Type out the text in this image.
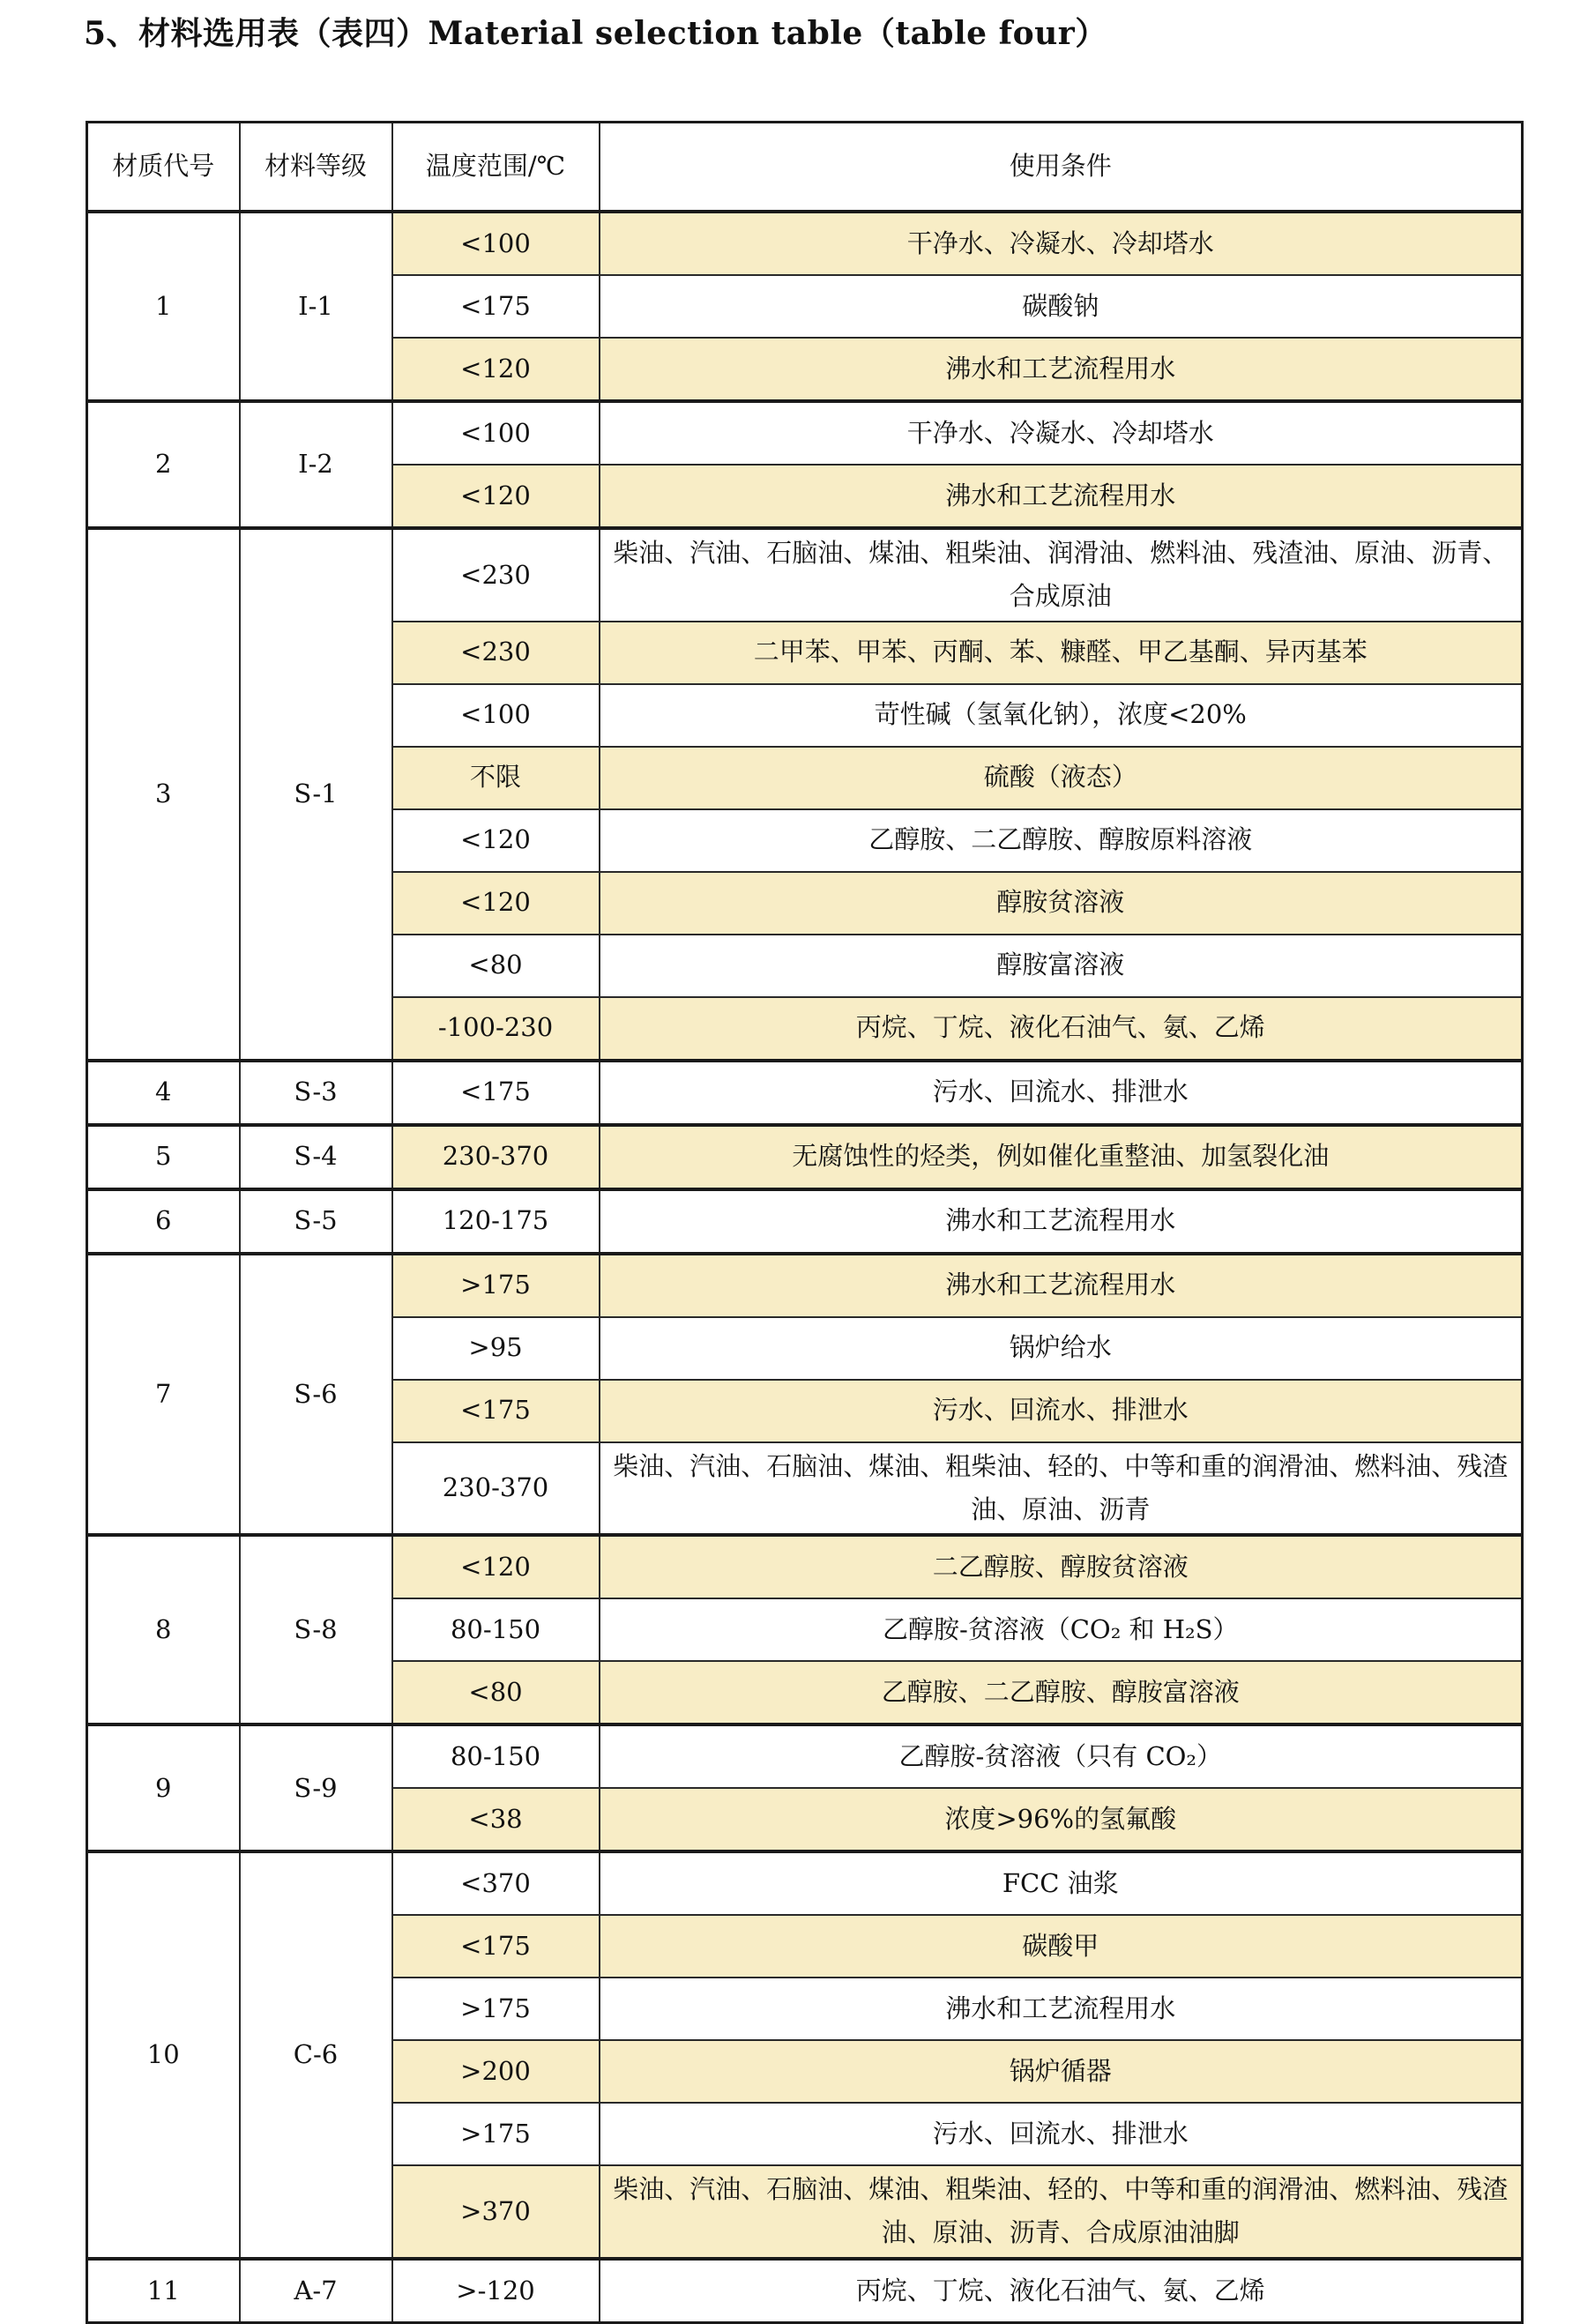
5、材料选用表（表四）Material selection table（table four）
材质代号	材料等级	温度范围/℃	使用条件
1	I-1	<100	干净水、冷凝水、冷却塔水
		<175	碳酸钠
		<120	沸水和工艺流程用水
2	I-2	<100	干净水、冷凝水、冷却塔水
		<120	沸水和工艺流程用水
3	S-1	<230	柴油、汽油、石脑油、煤油、粗柴油、润滑油、燃料油、残渣油、原油、沥青、合成原油
		<230	二甲苯、甲苯、丙酮、苯、糠醛、甲乙基酮、异丙基苯
		<100	苛性碱（氢氧化钠），浓度<20%
		不限	硫酸（液态）
		<120	乙醇胺、二乙醇胺、醇胺原料溶液
		<120	醇胺贫溶液
		<80	醇胺富溶液
		-100-230	丙烷、丁烷、液化石油气、氨、乙烯
4	S-3	<175	污水、回流水、排泄水
5	S-4	230-370	无腐蚀性的烃类，例如催化重整油、加氢裂化油
6	S-5	120-175	沸水和工艺流程用水
7	S-6	>175	沸水和工艺流程用水
		>95	锅炉给水
		<175	污水、回流水、排泄水
		230-370	柴油、汽油、石脑油、煤油、粗柴油、轻的、中等和重的润滑油、燃料油、残渣油、原油、沥青
8	S-8	<120	二乙醇胺、醇胺贫溶液
		80-150	乙醇胺-贫溶液（CO₂ 和 H₂S）
		<80	乙醇胺、二乙醇胺、醇胺富溶液
9	S-9	80-150	乙醇胺-贫溶液（只有 CO₂）
		<38	浓度>96%的氢氟酸
10	C-6	<370	FCC 油浆
		<175	碳酸甲
		>175	沸水和工艺流程用水
		>200	锅炉循器
		>175	污水、回流水、排泄水
		>370	柴油、汽油、石脑油、煤油、粗柴油、轻的、中等和重的润滑油、燃料油、残渣油、原油、沥青、合成原油油脚
11	A-7	>-120	丙烷、丁烷、液化石油气、氨、乙烯
